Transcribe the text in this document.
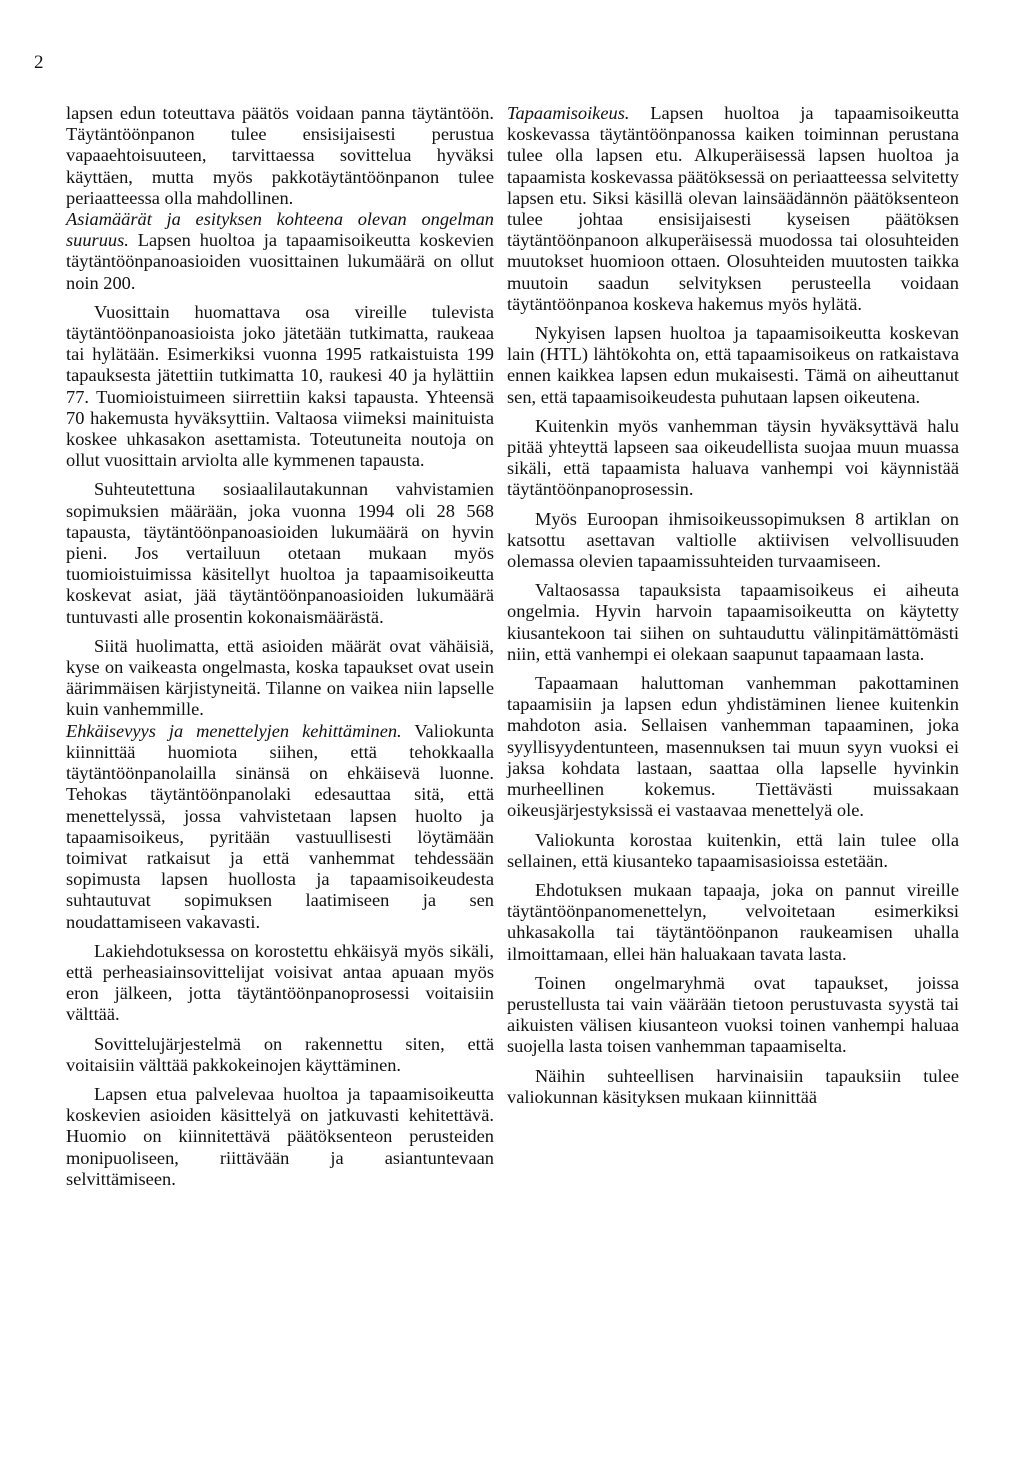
2

lapsen edun toteuttava päätös voidaan panna täytäntöön. Täytäntöönpanon tulee ensisijaisesti perustua vapaaehtoisuuteen, tarvittaessa sovittelua hyväksi käyttäen, mutta myös pakkotäytäntöönpanon tulee periaatteessa olla mahdollinen.

Asiamäärät ja esityksen kohteena olevan ongelman suuruus. Lapsen huoltoa ja tapaamisoikeutta koskevien täytäntöönpanoasioiden vuosittainen lukumäärä on ollut noin 200.

Vuosittain huomattava osa vireille tulevista täytäntöönpanoasioista joko jätetään tutkimatta, raukeaa tai hylätään. Esimerkiksi vuonna 1995 ratkaistuista 199 tapauksesta jätettiin tutkimatta 10, raukesi 40 ja hylättiin 77. Tuomioistuimeen siirrettiin kaksi tapausta. Yhteensä 70 hakemusta hyväksyttiin. Valtaosa viimeksi mainituista koskee uhkasakon asettamista. Toteutuneita noutoja on ollut vuosittain arviolta alle kymmenen tapausta.

Suhteutettuna sosiaalilautakunnan vahvistamien sopimuksien määrään, joka vuonna 1994 oli 28 568 tapausta, täytäntöönpanoasioiden lukumäärä on hyvin pieni. Jos vertailuun otetaan mukaan myös tuomioistuimissa käsitellyt huoltoa ja tapaamisoikeutta koskevat asiat, jää täytäntöönpanoasioiden lukumäärä tuntuvasti alle prosentin kokonaismäärästä.

Siitä huolimatta, että asioiden määrät ovat vähäisiä, kyse on vaikeasta ongelmasta, koska tapaukset ovat usein äärimmäisen kärjistyneitä. Tilanne on vaikea niin lapselle kuin vanhemmille.

Ehkäisevyys ja menettelyjen kehittäminen. Valiokunta kiinnittää huomiota siihen, että tehokkaalla täytäntöönpanolailla sinänsä on ehkäisevä luonne. Tehokas täytäntöönpanolaki edesauttaa sitä, että menettelyssä, jossa vahvistetaan lapsen huolto ja tapaamisoikeus, pyritään vastuullisesti löytämään toimivat ratkaisut ja että vanhemmat tehdessään sopimusta lapsen huollosta ja tapaamisoikeudesta suhtautuvat sopimuksen laatimiseen ja sen noudattamiseen vakavasti.

Lakiehdotuksessa on korostettu ehkäisyä myös sikäli, että perheasiainsovittelijat voisivat antaa apuaan myös eron jälkeen, jotta täytäntöönpanoprosessi voitaisiin välttää.

Sovittelujärjestelmä on rakennettu siten, että voitaisiin välttää pakkokeinojen käyttäminen.

Lapsen etua palvelevaa huoltoa ja tapaamisoikeutta koskevien asioiden käsittelyä on jatkuvasti kehitettävä. Huomio on kiinnitettävä päätöksenteon perusteiden monipuoliseen, riittävään ja asiantuntevaan selvittämiseen.

Tapaamisoikeus. Lapsen huoltoa ja tapaamisoikeutta koskevassa täytäntöönpanossa kaiken toiminnan perustana tulee olla lapsen etu. Alkuperäisessä lapsen huoltoa ja tapaamista koskevassa päätöksessä on periaatteessa selvitetty lapsen etu. Siksi käsillä olevan lainsäädännön päätöksenteon tulee johtaa ensisijaisesti kyseisen päätöksen täytäntöönpanoon alkuperäisessä muodossa tai olosuhteiden muutokset huomioon ottaen. Olosuhteiden muutosten taikka muutoin saadun selvityksen perusteella voidaan täytäntöönpanoa koskeva hakemus myös hylätä.

Nykyisen lapsen huoltoa ja tapaamisoikeutta koskevan lain (HTL) lähtökohta on, että tapaamisoikeus on ratkaistava ennen kaikkea lapsen edun mukaisesti. Tämä on aiheuttanut sen, että tapaamisoikeudesta puhutaan lapsen oikeutena.

Kuitenkin myös vanhemman täysin hyväksyttävä halu pitää yhteyttä lapseen saa oikeudellista suojaa muun muassa sikäli, että tapaamista haluava vanhempi voi käynnistää täytäntöönpanoprosessin.

Myös Euroopan ihmisoikeussopimuksen 8 artiklan on katsottu asettavan valtiolle aktiivisen velvollisuuden olemassa olevien tapaamissuhteiden turvaamiseen.

Valtaosassa tapauksista tapaamisoikeus ei aiheuta ongelmia. Hyvin harvoin tapaamisoikeutta on käytetty kiusantekoon tai siihen on suhtauduttu välinpitämättömästi niin, että vanhempi ei olekaan saapunut tapaamaan lasta.

Tapaamaan haluttoman vanhemman pakottaminen tapaamisiin ja lapsen edun yhdistäminen lienee kuitenkin mahdoton asia. Sellaisen vanhemman tapaaminen, joka syyllisyydentunteen, masennuksen tai muun syyn vuoksi ei jaksa kohdata lastaan, saattaa olla lapselle hyvinkin murheellinen kokemus. Tiettävästi muissakaan oikeusjärjestyksissä ei vastaavaa menettelyä ole.

Valiokunta korostaa kuitenkin, että lain tulee olla sellainen, että kiusanteko tapaamisasioissa estetään.

Ehdotuksen mukaan tapaaja, joka on pannut vireille täytäntöönpanomenettelyn, velvoitetaan esimerkiksi uhkasakolla tai täytäntöönpanon raukeamisen uhalla ilmoittamaan, ellei hän haluakaan tavata lasta.

Toinen ongelmaryhmä ovat tapaukset, joissa perustellusta tai vain väärään tietoon perustuvasta syystä tai aikuisten välisen kiusanteon vuoksi toinen vanhempi haluaa suojella lasta toisen vanhemman tapaamiselta.

Näihin suhteellisen harvinaisiin tapauksiin tulee valiokunnan käsityksen mukaan kiinnittää
